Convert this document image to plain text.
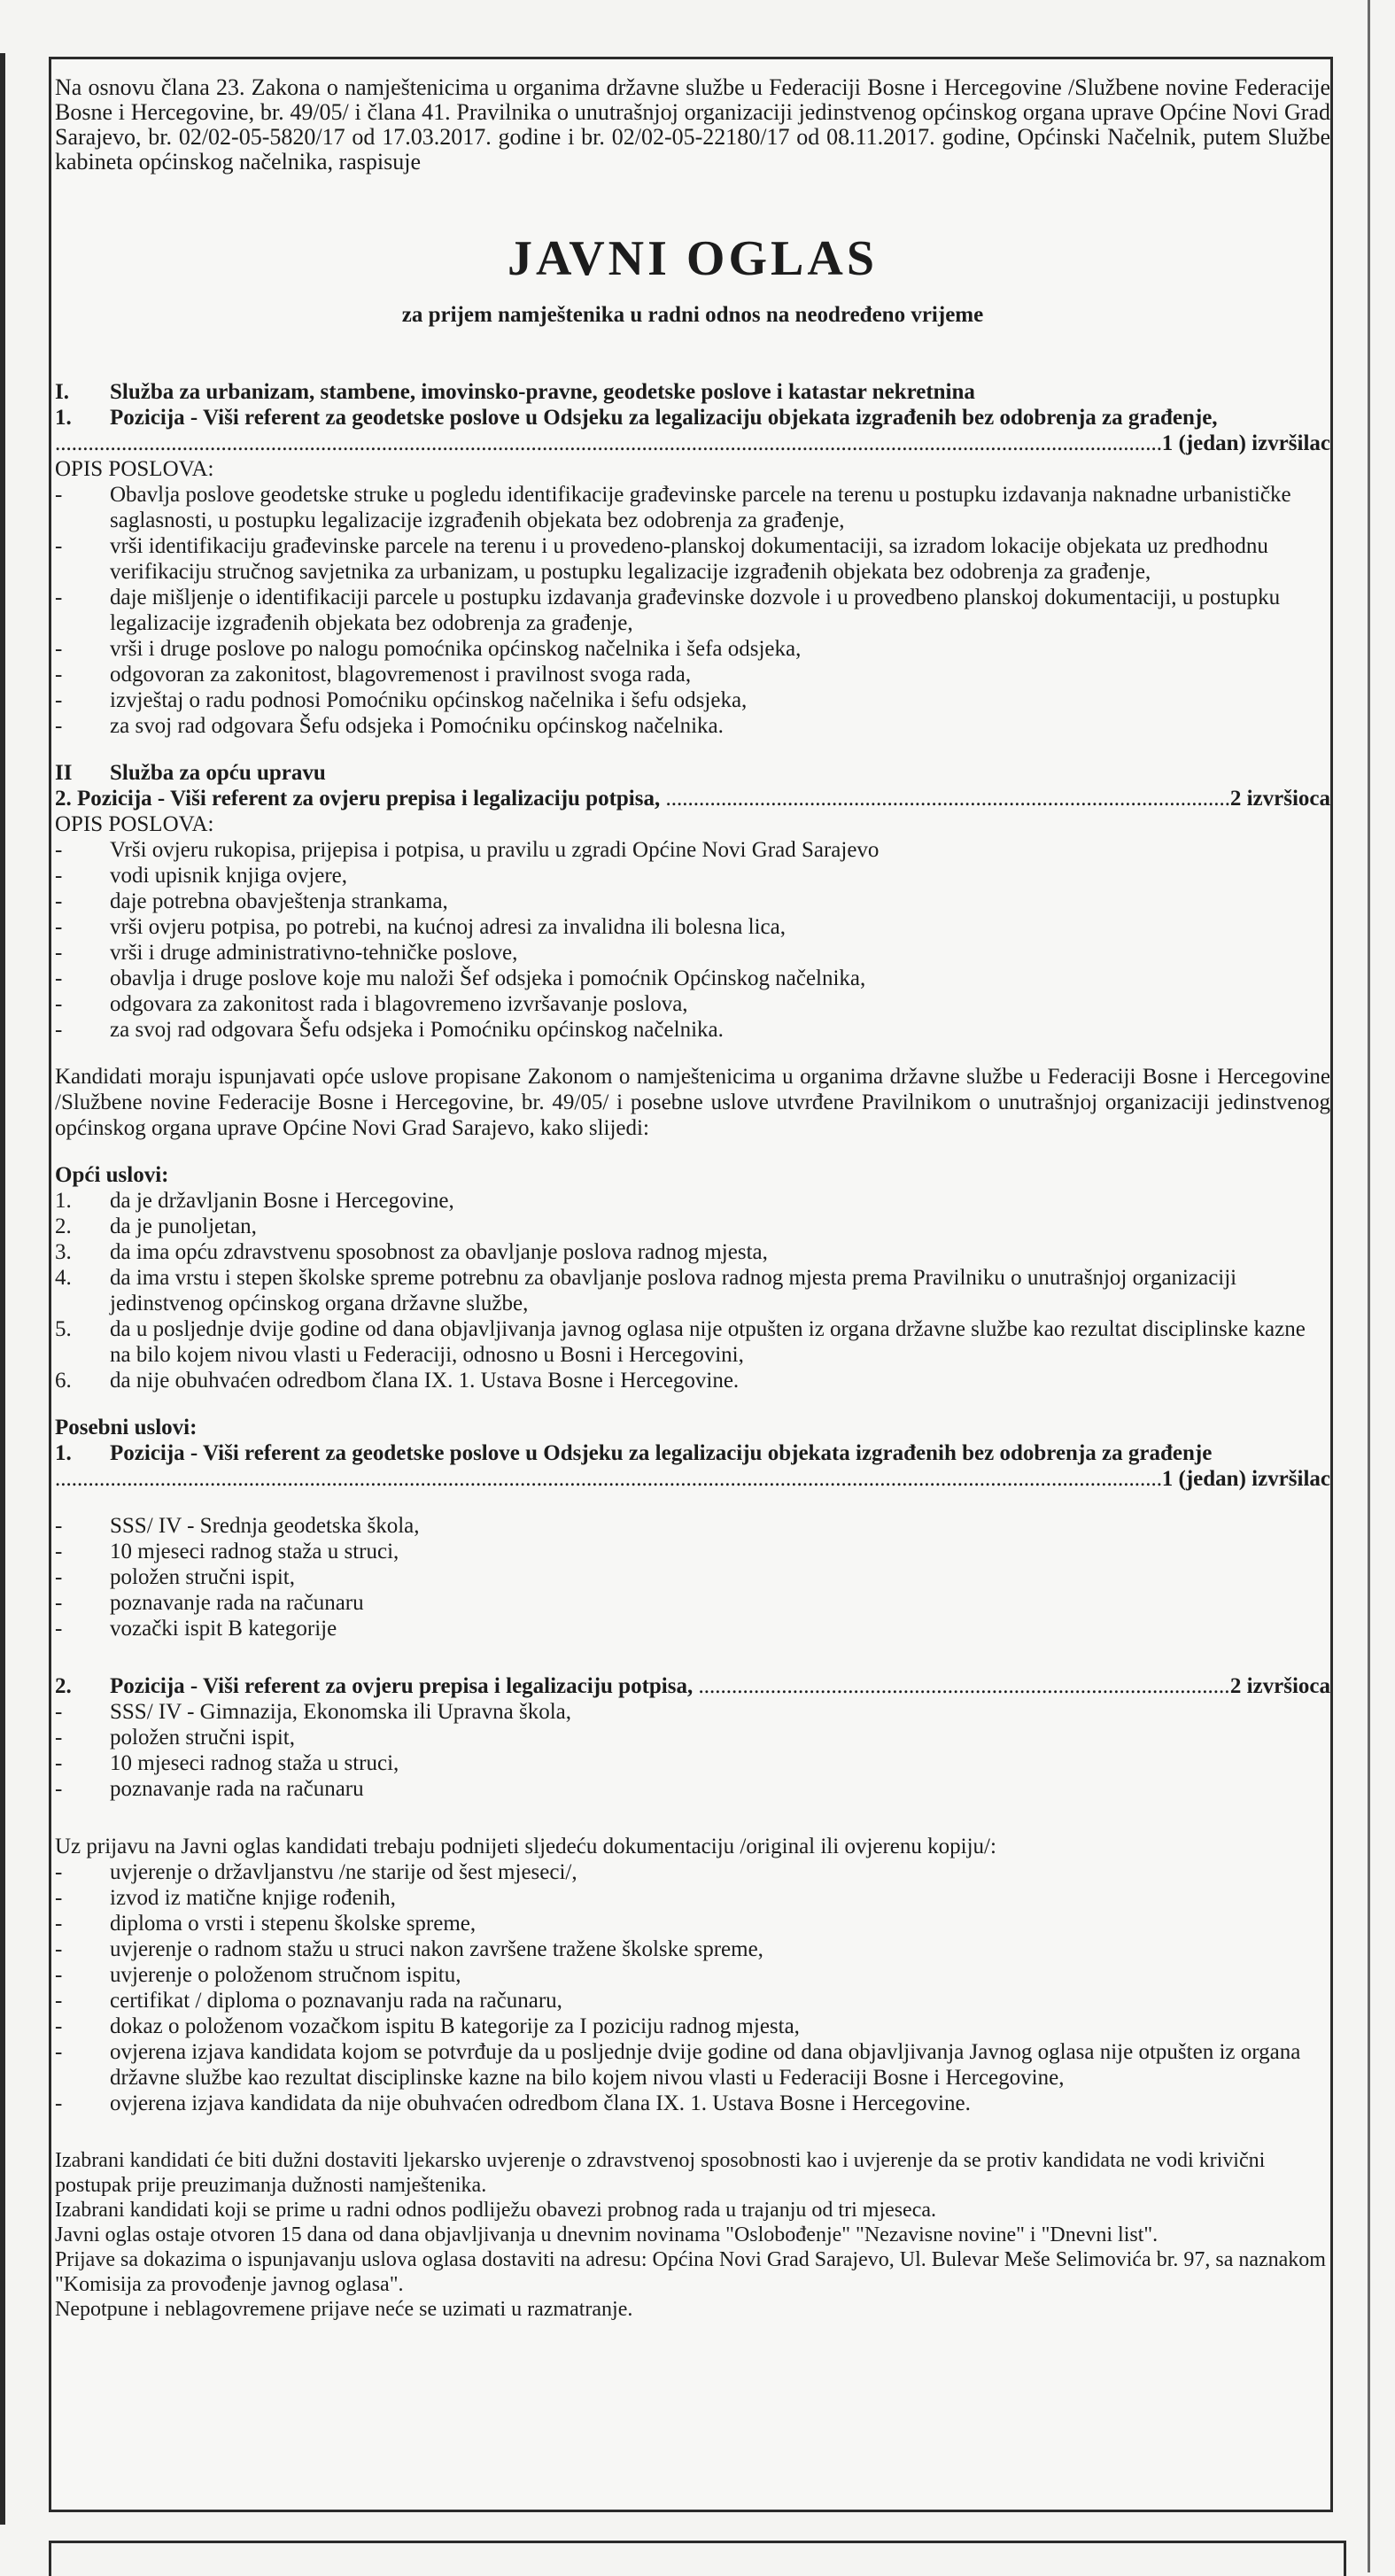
Na osnovu člana 23. Zakona o namještenicima u organima državne službe u Federaciji Bosne i Hercegovine /Službene novine Federacije Bosne i Hercegovine, br. 49/05/ i člana 41. Pravilnika o unutrašnjoj organizaciji jedinstvenog općinskog organa uprave Općine Novi Grad Sarajevo, br. 02/02-05-5820/17 od 17.03.2017. godine i br. 02/02-05-22180/17 od 08.11.2017. godine, Općinski Načelnik, putem Službe kabineta općinskog načelnika, raspisuje

JAVNI OGLAS
za prijem namještenika u radni odnos na neodređeno vrijeme
I.	Služba za urbanizam, stambene, imovinsko-pravne, geodetske poslove i katastar nekretnina
1.	Pozicija - Viši referent za geodetske poslove u Odsjeku za legalizaciju objekata izgrađenih bez odobrenja za građenje,
.....
1 (jedan) izvršilac

OPIS POSLOVA:

-	Obavlja poslove geodetske struke u pogledu identifikacije građevinske parcele na terenu u postupku izdavanja naknadne urbanističke saglasnosti, u postupku legalizacije izgrađenih objekata bez odobrenja za građenje,
-	vrši identifikaciju građevinske parcele na terenu i u provedeno-planskoj dokumentaciji, sa izradom lokacije objekata uz predhodnu verifikaciju stručnog savjetnika za urbanizam, u postupku legalizacije izgrađenih objekata bez odobrenja za građenje,
-	daje mišljenje o identifikaciji parcele u postupku izdavanja građevinske dozvole i u provedbeno planskoj dokumentaciji, u postupku legalizacije izgrađenih objekata bez odobrenja za građenje,
-	vrši i druge poslove po nalogu pomoćnika općinskog načelnika i šefa odsjeka,
-	odgovoran za zakonitost, blagovremenost i pravilnost svoga rada,
-	izvještaj o radu podnosi Pomoćniku općinskog načelnika i šefu odsjeka,
-	za svoj rad odgovara Šefu odsjeka i Pomoćniku općinskog načelnika.
II	Služba za opću upravu
2. Pozicija - Viši referent za ovjeru prepisa i legalizaciju potpisa, .....	2 izvršioca

OPIS POSLOVA:

-	Vrši ovjeru rukopisa, prijepisa i potpisa, u pravilu u zgradi Općine Novi Grad Sarajevo
-	vodi upisnik knjiga ovjere,
-	daje potrebna obavještenja strankama,
-	vrši ovjeru potpisa, po potrebi, na kućnoj adresi za invalidna ili bolesna lica,
-	vrši i druge administrativno-tehničke poslove,
-	obavlja i druge poslove koje mu naloži Šef odsjeka i pomoćnik Općinskog načelnika,
-	odgovara za zakonitost rada i blagovremeno izvršavanje poslova,
-	za svoj rad odgovara Šefu odsjeka i Pomoćniku općinskog načelnika.

Kandidati moraju ispunjavati opće uslove propisane Zakonom o namještenicima u organima državne službe u Federaciji Bosne i Hercegovine /Službene novine Federacije Bosne i Hercegovine, br. 49/05/ i posebne uslove utvrđene Pravilnikom o unutrašnjoj organizaciji jedinstvenog općinskog organa uprave Općine Novi Grad Sarajevo, kako slijedi:

Opći uslovi:

1.	da je državljanin Bosne i Hercegovine,
2.	da je punoljetan,
3.	da ima opću zdravstvenu sposobnost za obavljanje poslova radnog mjesta,
4.	da ima vrstu i stepen školske spreme potrebnu za obavljanje poslova radnog mjesta prema Pravilniku o unutrašnjoj organizaciji jedinstvenog općinskog organa državne službe,
5.	da u posljednje dvije godine od dana objavljivanja javnog oglasa nije otpušten iz organa državne službe kao rezultat disciplinske kazne na bilo kojem nivou vlasti u Federaciji, odnosno u Bosni i Hercegovini,
6.	da nije obuhvaćen odredbom člana IX. 1. Ustava Bosne i Hercegovine.

Posebni uslovi:

1.	Pozicija - Viši referent za geodetske poslove u Odsjeku za legalizaciju objekata izgrađenih bez odobrenja za građenje
.....
1 (jedan) izvršilac
-	SSS/ IV - Srednja geodetska škola,
-	10 mjeseci radnog staža u struci,
-	položen stručni ispit,
-	poznavanje rada na računaru
-	vozački ispit B kategorije
2.	Pozicija - Viši referent za ovjeru prepisa i legalizaciju potpisa, .....	2 izvršioca
-	SSS/ IV - Gimnazija, Ekonomska ili Upravna škola,
-	položen stručni ispit,
-	10 mjeseci radnog staža u struci,
-	poznavanje rada na računaru

Uz prijavu na Javni oglas kandidati trebaju podnijeti sljedeću dokumentaciju /original ili ovjerenu kopiju/:

-	uvjerenje o državljanstvu /ne starije od šest mjeseci/,
-	izvod iz matične knjige rođenih,
-	diploma o vrsti i stepenu školske spreme,
-	uvjerenje o radnom stažu u struci nakon završene tražene školske spreme,
-	uvjerenje o položenom stručnom ispitu,
-	certifikat / diploma o poznavanju rada na računaru,
-	dokaz o položenom vozačkom ispitu B kategorije za I poziciju radnog mjesta,
-	ovjerena izjava kandidata kojom se potvrđuje da u posljednje dvije godine od dana objavljivanja Javnog oglasa nije otpušten iz organa državne službe kao rezultat disciplinske kazne na bilo kojem nivou vlasti u Federaciji Bosne i Hercegovine,
-	ovjerena izjava kandidata da nije obuhvaćen odredbom člana IX. 1. Ustava Bosne i Hercegovine.

Izabrani kandidati će biti dužni dostaviti ljekarsko uvjerenje o zdravstvenoj sposobnosti kao i uvjerenje da se protiv kandidata ne vodi krivični postupak prije preuzimanja dužnosti namještenika.

Izabrani kandidati koji se prime u radni odnos podliježu obavezi probnog rada u trajanju od tri mjeseca.

Javni oglas ostaje otvoren 15 dana od dana objavljivanja u dnevnim novinama "Oslobođenje" "Nezavisne novine" i "Dnevni list".

Prijave sa dokazima o ispunjavanju uslova oglasa dostaviti na adresu: Općina Novi Grad Sarajevo, Ul. Bulevar Meše Selimovića br. 97, sa naznakom "Komisija za provođenje javnog oglasa".

Nepotpune i neblagovremene prijave neće se uzimati u razmatranje.
